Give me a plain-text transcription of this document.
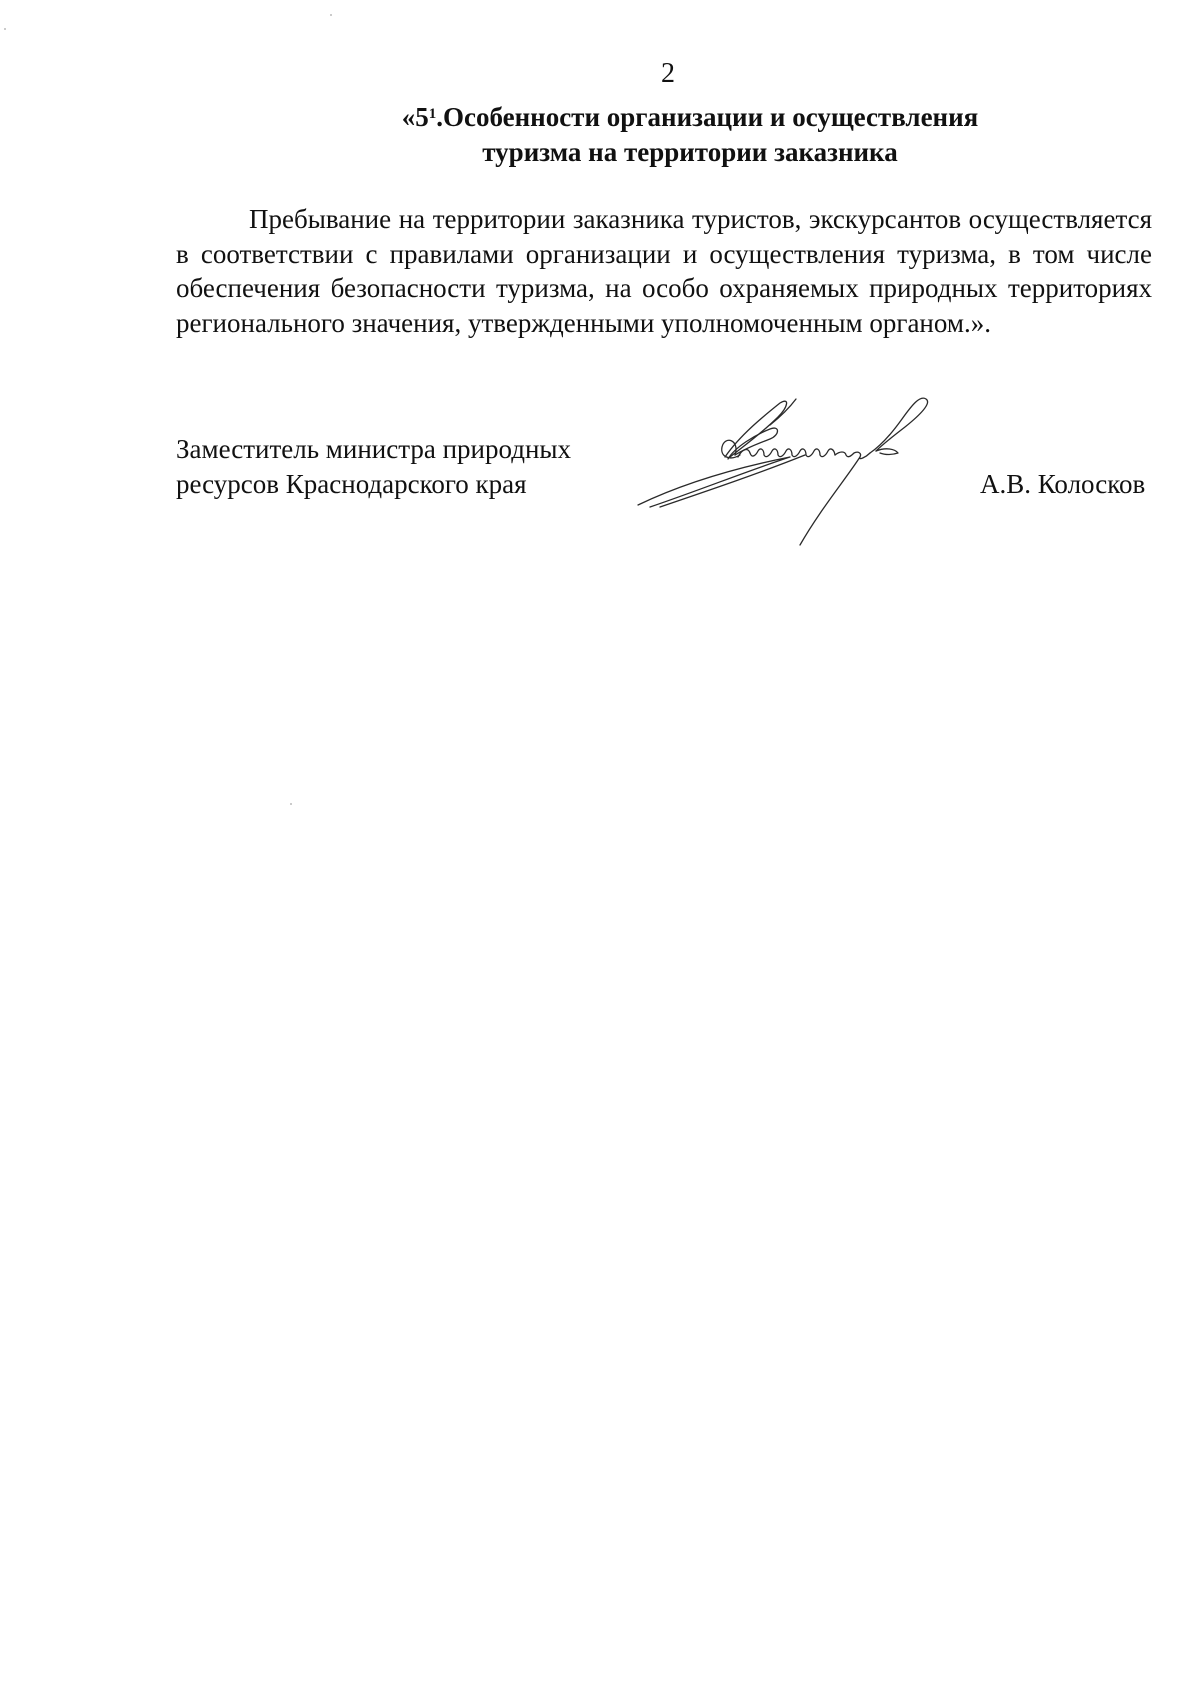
2
«$5^1.Особенности$ организации и осуществления
туризма на территории заказника

Пребывание на территории заказника туристов, экскурсантов осуществляется в соответствии с правилами организации и осуществления туризма, в том числе обеспечения безопасности туризма, на особо охраняемых природных территориях регионального значения, утвержденными уполномоченным органом.».

Заместитель министра природных
ресурсов Краснодарского края	А.В. Колосков
